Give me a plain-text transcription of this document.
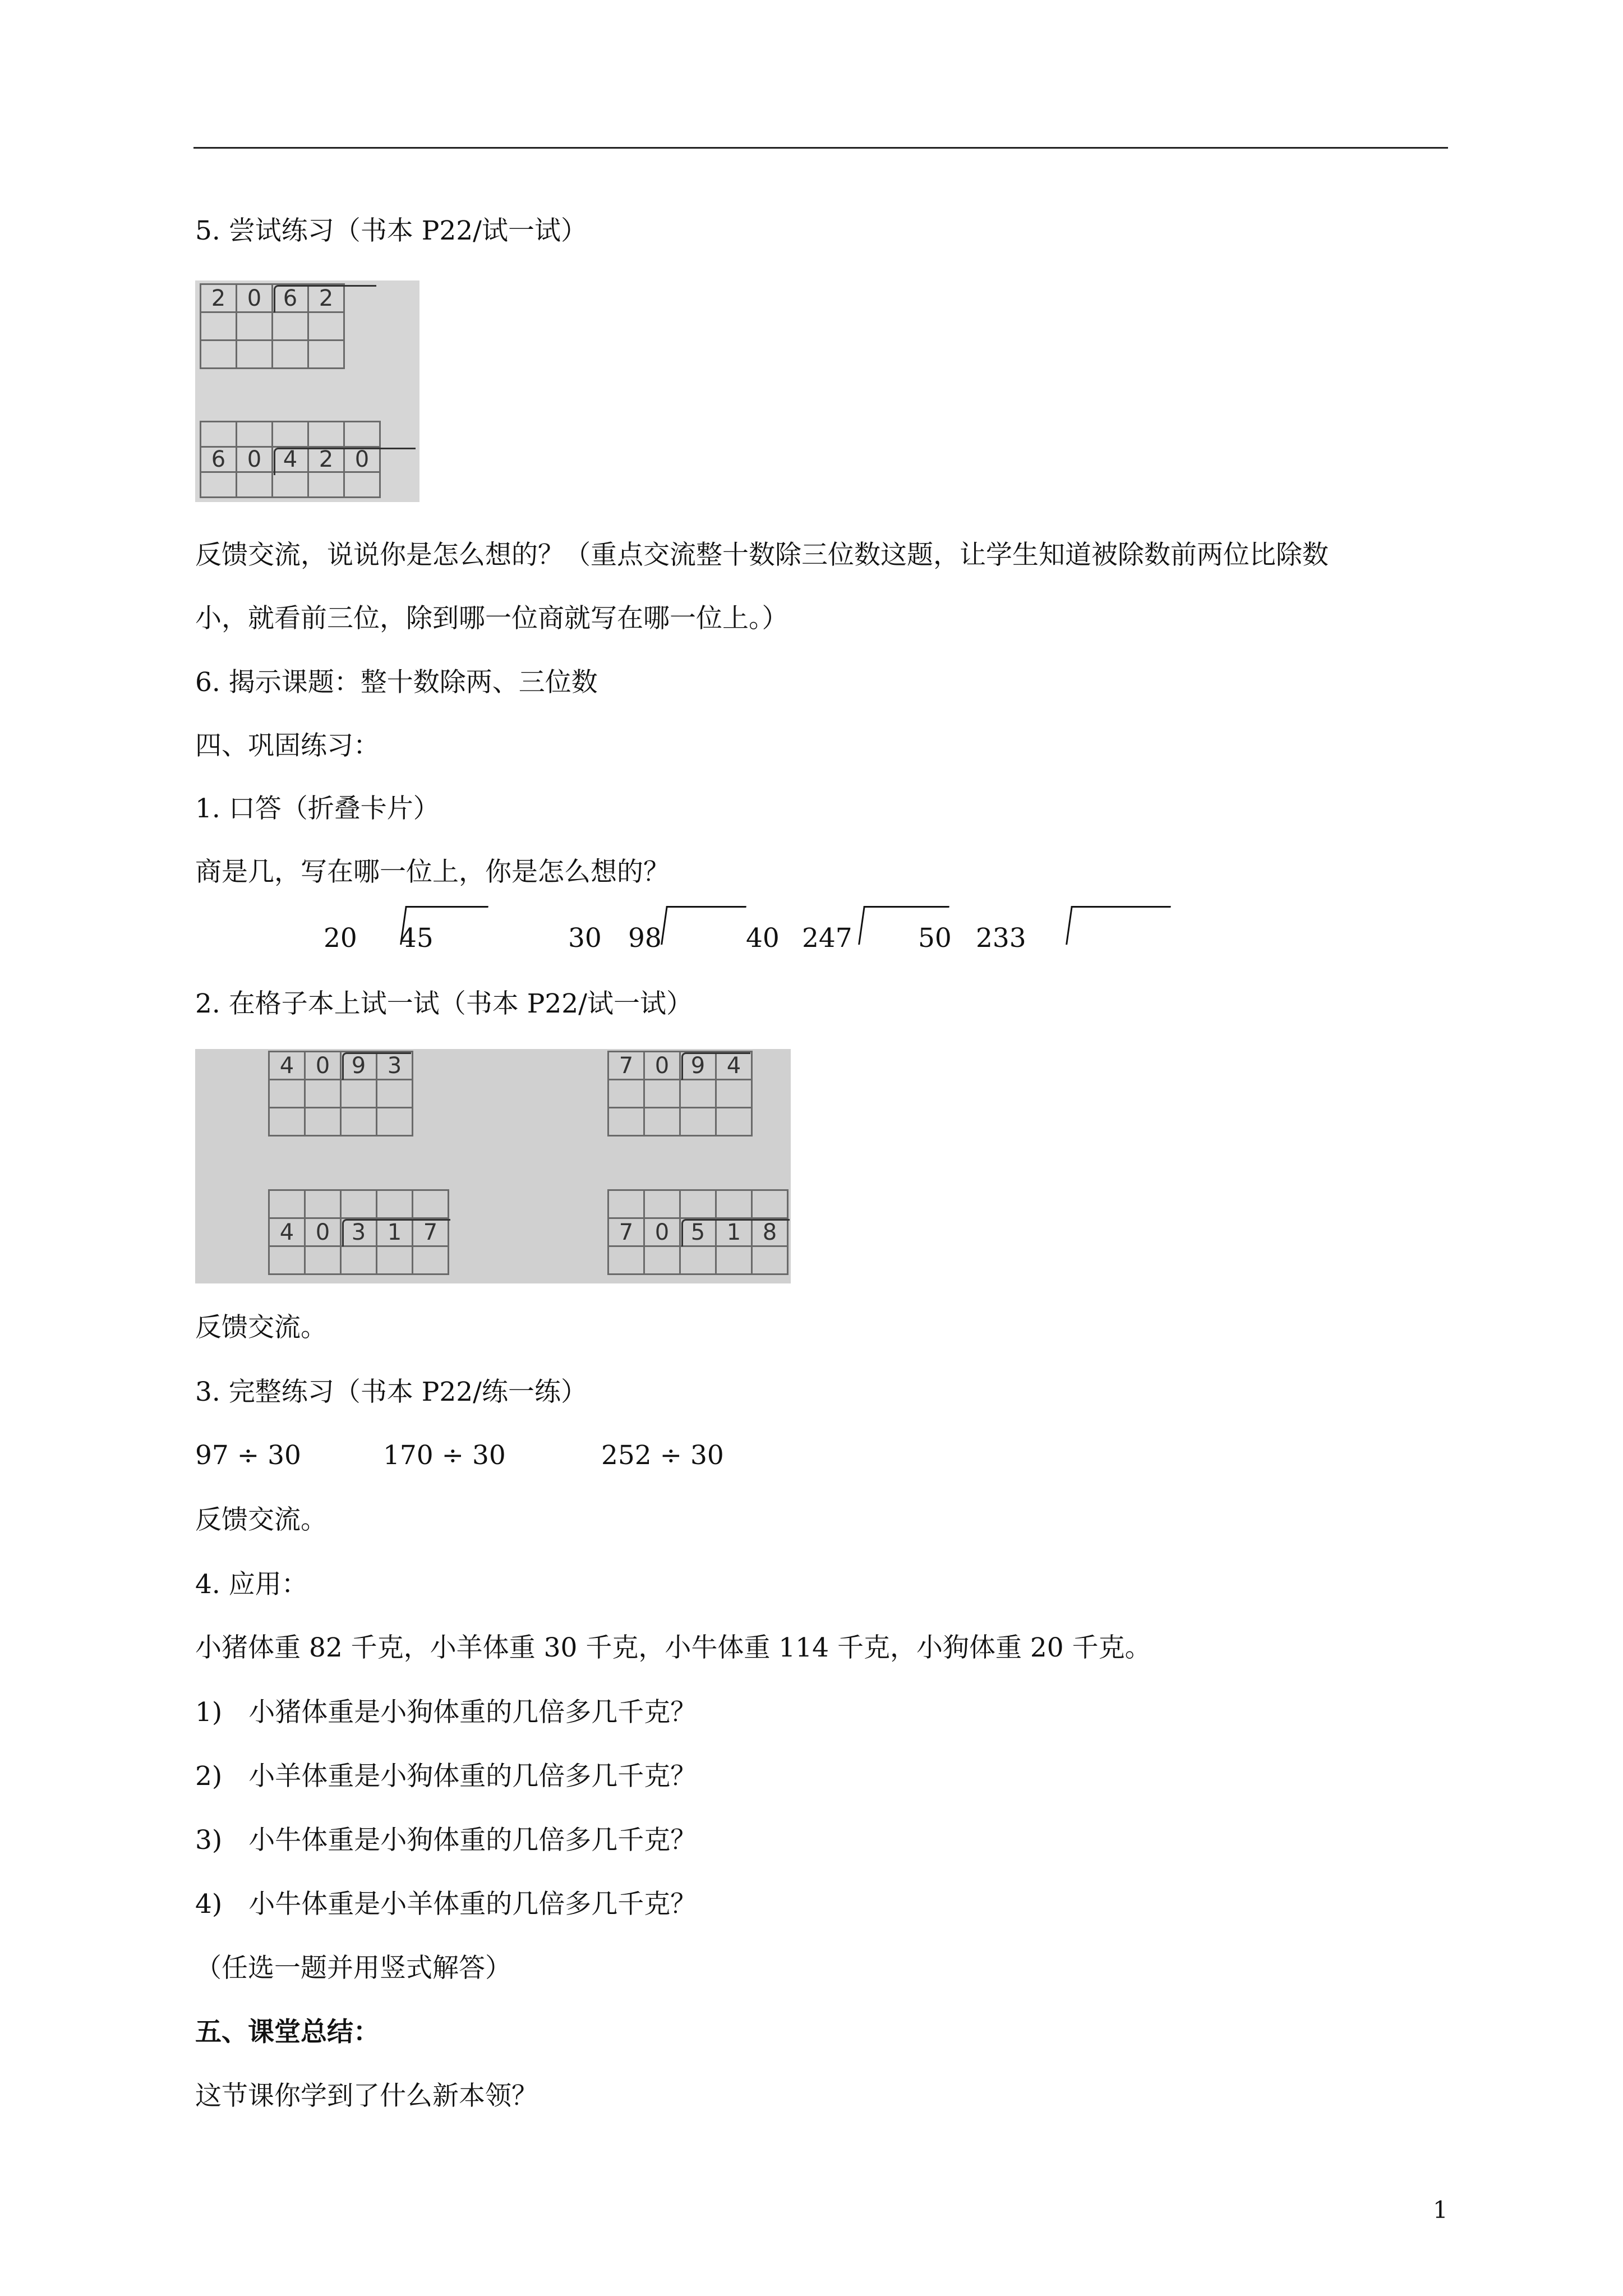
5. 尝试练习（书本 P22/试一试）
2 0 6 2
6 0 4 2 0
反馈交流，说说你是怎么想的？（重点交流整十数除三位数这题，让学生知道被除数前两位比除数
小，就看前三位，除到哪一位商就写在哪一位上。）
6. 揭示课题：整十数除两、三位数
四、巩固练习：
1. 口答（折叠卡片）
商是几，写在哪一位上，你是怎么想的？
20 45	30 98	40 247 50 233
2. 在格子本上试一试（书本 P22/试一试）
4 0 9 3	7 0 9 4
4 0 3 1 7	7 0 5 1 8
反馈交流。
3. 完整练习（书本 P22/练一练）
97 ÷ 30	170 ÷ 30	252 ÷ 30
反馈交流。
4. 应用：
小猪体重 82 千克，小羊体重 30 千克，小牛体重 114 千克，小狗体重 20 千克。
1)　小猪体重是小狗体重的几倍多几千克？
2)　小羊体重是小狗体重的几倍多几千克？
3)　小牛体重是小狗体重的几倍多几千克？
4)　小牛体重是小羊体重的几倍多几千克？
（任选一题并用竖式解答）
五、课堂总结：
这节课你学到了什么新本领？
1
